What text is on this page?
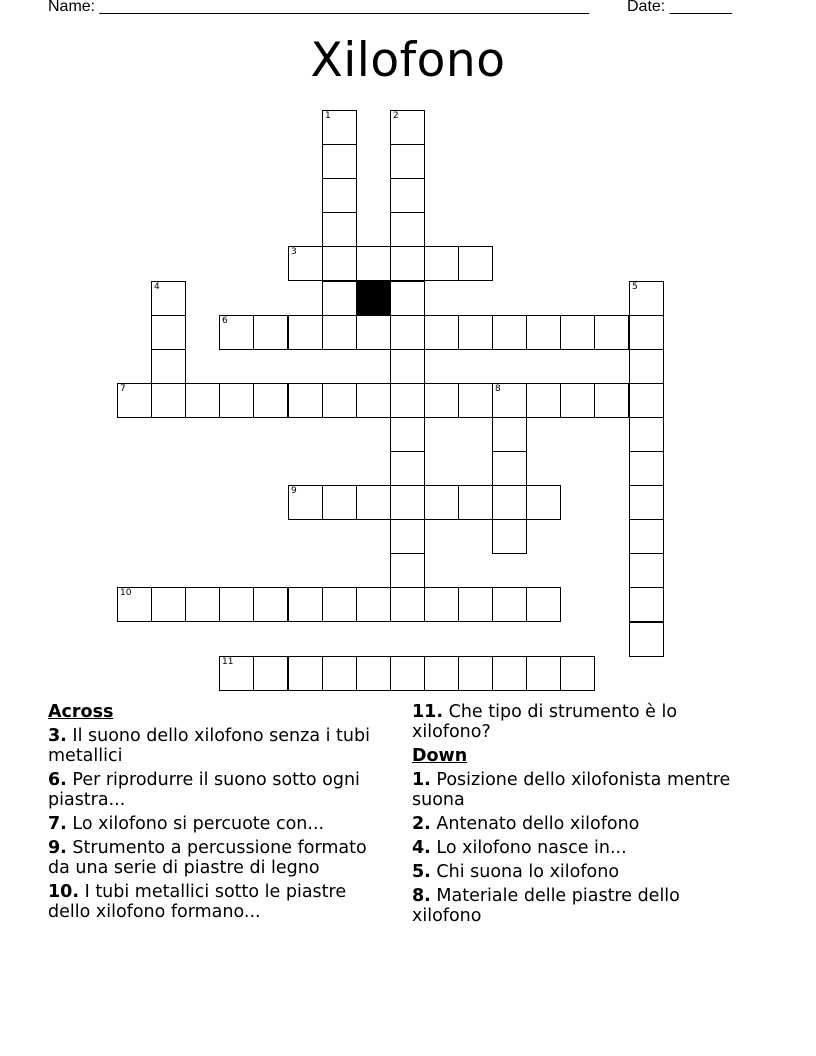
Name: _______________________________________________________ Date: _______
Xilofono
1	2
3
4	5
6
7	8
9
10
11
Across
3. Il suono dello xilofono senza i tubi metallici
6. Per riprodurre il suono sotto ogni piastra...
7. Lo xilofono si percuote con...
9. Strumento a percussione formato da una serie di piastre di legno
10. I tubi metallici sotto le piastre dello xilofono formano...
11. Che tipo di strumento è lo xilofono?
Down
1. Posizione dello xilofonista mentre suona
2. Antenato dello xilofono
4. Lo xilofono nasce in...
5. Chi suona lo xilofono
8. Materiale delle piastre dello xilofono
